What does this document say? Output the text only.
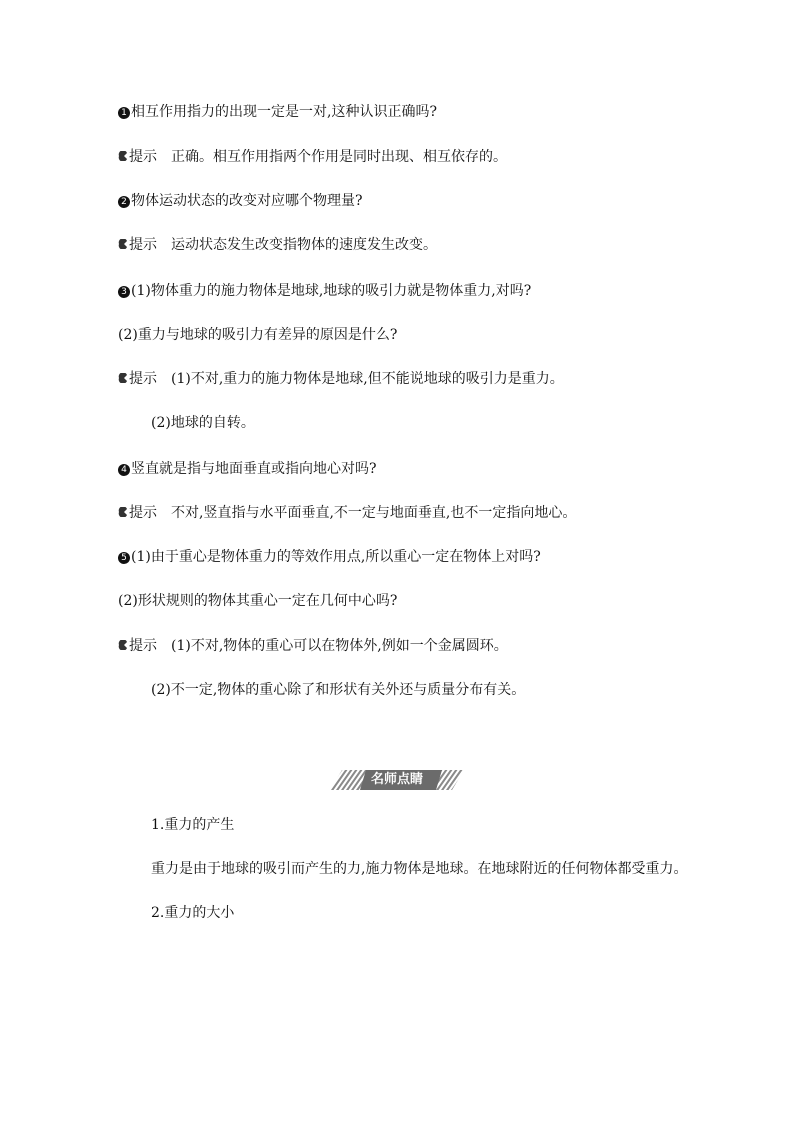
1 相互作用指力的出现一定是一对,这种认识正确吗?
提示 正确。相互作用指两个作用是同时出现、相互依存的。
2 物体运动状态的改变对应哪个物理量?
提示 运动状态发生改变指物体的速度发生改变。
3 (1)物体重力的施力物体是地球,地球的吸引力就是物体重力,对吗?
(2)重力与地球的吸引力有差异的原因是什么?
提示 (1)不对,重力的施力物体是地球,但不能说地球的吸引力是重力。
(2)地球的自转。
4 竖直就是指与地面垂直或指向地心对吗?
提示 不对,竖直指与水平面垂直,不一定与地面垂直,也不一定指向地心。
5 (1)由于重心是物体重力的等效作用点,所以重心一定在物体上对吗?
(2)形状规则的物体其重心一定在几何中心吗?
提示 (1)不对,物体的重心可以在物体外,例如一个金属圆环。
(2)不一定,物体的重心除了和形状有关外还与质量分布有关。
名师点睛
1.重力的产生
重力是由于地球的吸引而产生的力,施力物体是地球。在地球附近的任何物体都受重力。
2.重力的大小
